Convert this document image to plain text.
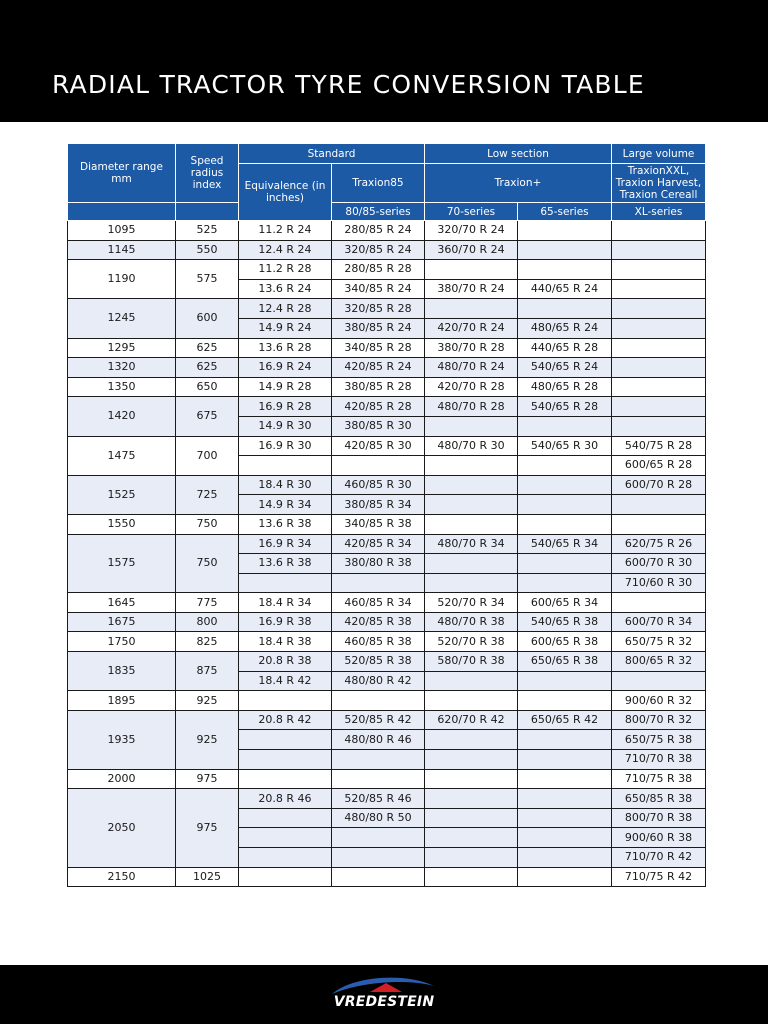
RADIAL TRACTOR TYRE CONVERSION TABLE
Diameter range mm	Speed radius index	Standard		Low section		Large volume
		Equivalence (in inches)	Traxion85	Traxion+		TraxionXXL, Traxion Harvest, Traxion Cereall
			80/85-series	70-series	65-series	XL-series
1095	525	11.2 R 24	280/85 R 24	320/70 R 24		
1145	550	12.4 R 24	320/85 R 24	360/70 R 24		
1190	575	11.2 R 28	280/85 R 28			
		13.6 R 24	340/85 R 24	380/70 R 24	440/65 R 24	
1245	600	12.4 R 28	320/85 R 28			
		14.9 R 24	380/85 R 24	420/70 R 24	480/65 R 24	
1295	625	13.6 R 28	340/85 R 28	380/70 R 28	440/65 R 28	
1320	625	16.9 R 24	420/85 R 24	480/70 R 24	540/65 R 24	
1350	650	14.9 R 28	380/85 R 28	420/70 R 28	480/65 R 28	
1420	675	16.9 R 28	420/85 R 28	480/70 R 28	540/65 R 28	
		14.9 R 30	380/85 R 30			
1475	700	16.9 R 30	420/85 R 30	480/70 R 30	540/65 R 30	540/75 R 28
						600/65 R 28
1525	725	18.4 R 30	460/85 R 30			600/70 R 28
		14.9 R 34	380/85 R 34			
1550	750	13.6 R 38	340/85 R 38			
1575	750	16.9 R 34	420/85 R 34	480/70 R 34	540/65 R 34	620/75 R 26
		13.6 R 38	380/80 R 38			600/70 R 30
						710/60 R 30
1645	775	18.4 R 34	460/85 R 34	520/70 R 34	600/65 R 34	
1675	800	16.9 R 38	420/85 R 38	480/70 R 38	540/65 R 38	600/70 R 34
1750	825	18.4 R 38	460/85 R 38	520/70 R 38	600/65 R 38	650/75 R 32
1835	875	20.8 R 38	520/85 R 38	580/70 R 38	650/65 R 38	800/65 R 32
		18.4 R 42	480/80 R 42			
1895	925					900/60 R 32
1935	925	20.8 R 42	520/85 R 42	620/70 R 42	650/65 R 42	800/70 R 32
			480/80 R 46			650/75 R 38
						710/70 R 38
2000	975					710/75 R 38
2050	975	20.8 R 46	520/85 R 46			650/85 R 38
			480/80 R 50			800/70 R 38
						900/60 R 38
						710/70 R 42
2150	1025					710/75 R 42
VREDESTEIN
